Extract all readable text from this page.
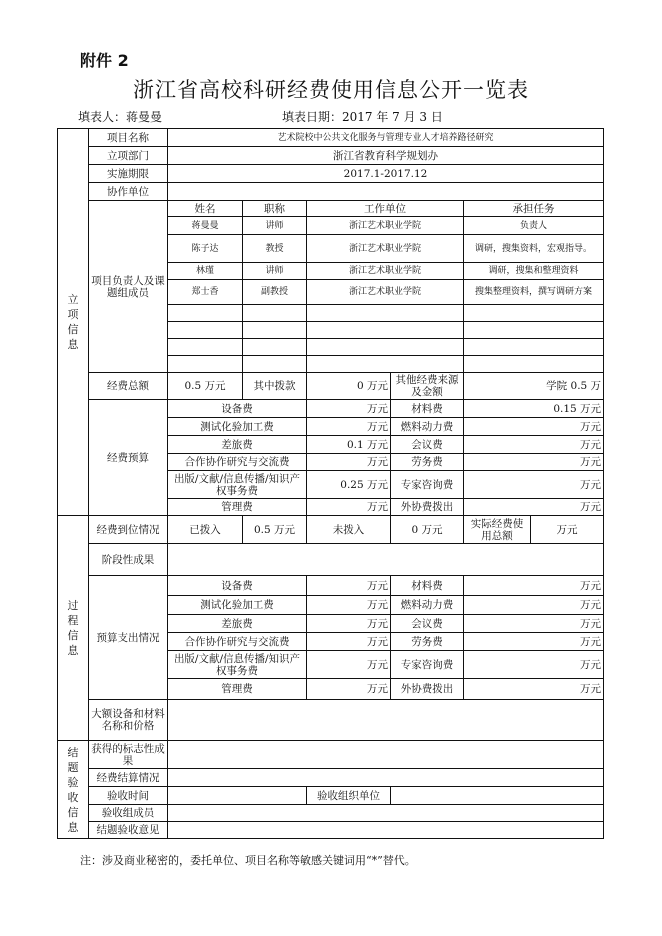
附件 2
浙江省高校科研经费使用信息公开一览表
填表人：蒋曼曼	填表日期：2017 年 7 月 3 日
立项信息	项目名称	艺术院校中公共文化服务与管理专业人才培养路径研究					
	立项部门	浙江省教育科学规划办					
	实施期限	2017.1-2017.12					
	协作单位						
	项目负责人及课题组成员	姓名	职称	工作单位		承担任务	
		蒋曼曼	讲师	浙江艺术职业学院		负责人	
		陈子达	教授	浙江艺术职业学院		调研，搜集资料，宏观指导。	
		林瑾	讲师	浙江艺术职业学院		调研，搜集和整理资料	
		郑士香	副教授	浙江艺术职业学院		搜集整理资料，撰写调研方案	

	经费总额	0.5 万元	其中拨款	0 万元	其他经费来源及金额	学院 0.5 万	
	经费预算	设备费		万元	材料费	0.15 万元	
		测试化验加工费		万元	燃料动力费	万元	
		差旅费		0.1 万元	会议费	万元	
		合作协作研究与交流费		万元	劳务费	万元	
		出版/文献/信息传播/知识产权事务费		0.25 万元	专家咨询费	万元	
		管理费		万元	外协费拨出	万元	
过程信息	经费到位情况	已拨入	0.5 万元	未拨入	0 万元	实际经费使用总额	万元
	阶段性成果						
	预算支出情况	设备费		万元	材料费	万元	
		测试化验加工费		万元	燃料动力费	万元	
		差旅费		万元	会议费	万元	
		合作协作研究与交流费		万元	劳务费	万元	
		出版/文献/信息传播/知识产权事务费		万元	专家咨询费	万元	
		管理费		万元	外协费拨出	万元	
	大额设备和材料名称和价格						
结题验收信息	获得的标志性成果						
	经费结算情况						
	验收时间			验收组织单位			
	验收组成员						
	结题验收意见						
注：涉及商业秘密的，委托单位、项目名称等敏感关键词用“*”替代。
